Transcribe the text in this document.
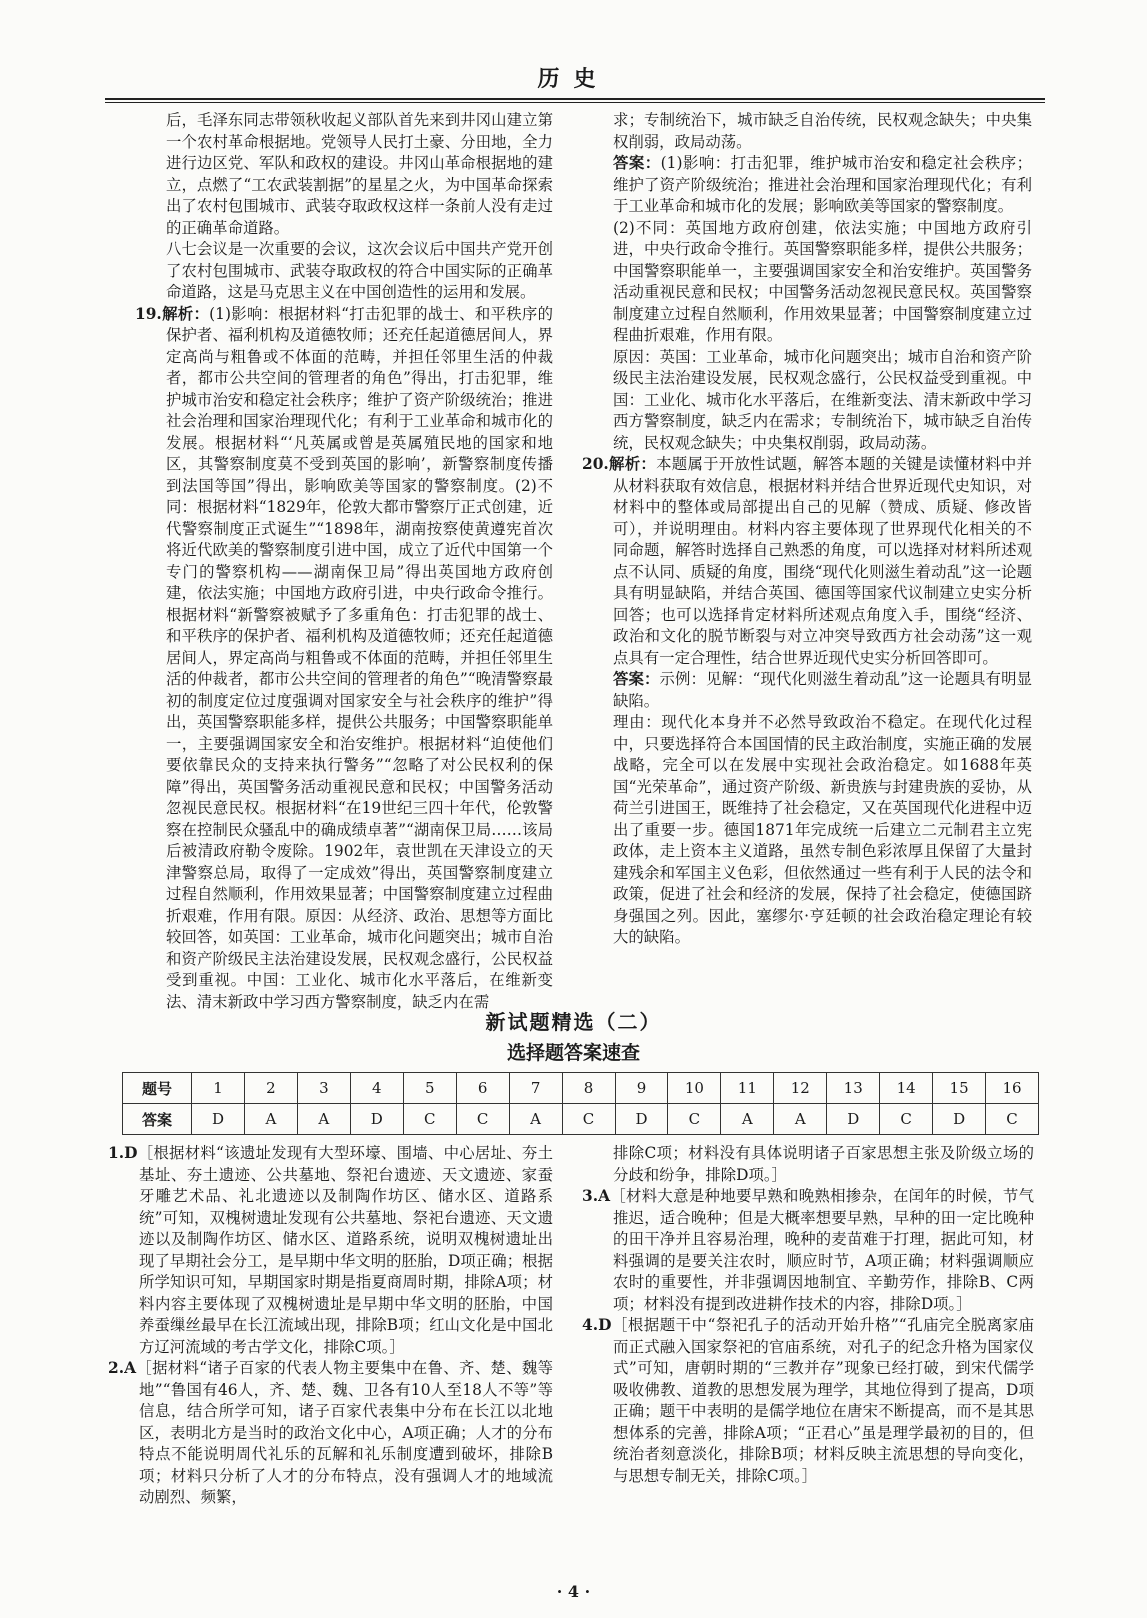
历史

后，毛泽东同志带领秋收起义部队首先来到井冈山建立第一个农村革命根据地。党领导人民打土豪、分田地，全力进行边区党、军队和政权的建设。井冈山革命根据地的建立，点燃了“工农武装割据”的星星之火，为中国革命探索出了农村包围城市、武装夺取政权这样一条前人没有走过的正确革命道路。

八七会议是一次重要的会议，这次会议后中国共产党开创了农村包围城市、武装夺取政权的符合中国实际的正确革命道路，这是马克思主义在中国创造性的运用和发展。

19.解析：(1)影响：根据材料“打击犯罪的战士、和平秩序的保护者、福利机构及道德牧师；还充任起道德居间人，界定高尚与粗鲁或不体面的范畴，并担任邻里生活的仲裁者，都市公共空间的管理者的角色”得出，打击犯罪，维护城市治安和稳定社会秩序；维护了资产阶级统治；推进社会治理和国家治理现代化；有利于工业革命和城市化的发展。根据材料“‘凡英属或曾是英属殖民地的国家和地区，其警察制度莫不受到英国的影响’，新警察制度传播到法国等国”得出，影响欧美等国家的警察制度。(2)不同：根据材料“1829年，伦敦大都市警察厅正式创建，近代警察制度正式诞生”“1898年，湖南按察使黄遵宪首次将近代欧美的警察制度引进中国，成立了近代中国第一个专门的警察机构——湖南保卫局”得出英国地方政府创建，依法实施；中国地方政府引进，中央行政命令推行。根据材料“新警察被赋予了多重角色：打击犯罪的战士、和平秩序的保护者、福利机构及道德牧师；还充任起道德居间人，界定高尚与粗鲁或不体面的范畴，并担任邻里生活的仲裁者，都市公共空间的管理者的角色”“晚清警察最初的制度定位过度强调对国家安全与社会秩序的维护”得出，英国警察职能多样，提供公共服务；中国警察职能单一，主要强调国家安全和治安维护。根据材料“迫使他们要依靠民众的支持来执行警务”“忽略了对公民权利的保障”得出，英国警务活动重视民意和民权；中国警务活动忽视民意民权。根据材料“在19世纪三四十年代，伦敦警察在控制民众骚乱中的确成绩卓著”“湖南保卫局……该局后被清政府勒令废除。1902年，袁世凯在天津设立的天津警察总局，取得了一定成效”得出，英国警察制度建立过程自然顺利，作用效果显著；中国警察制度建立过程曲折艰难，作用有限。原因：从经济、政治、思想等方面比较回答，如英国：工业革命，城市化问题突出；城市自治和资产阶级民主法治建设发展，民权观念盛行，公民权益受到重视。中国：工业化、城市化水平落后，在维新变法、清末新政中学习西方警察制度，缺乏内在需

求；专制统治下，城市缺乏自治传统，民权观念缺失；中央集权削弱，政局动荡。

答案：(1)影响：打击犯罪，维护城市治安和稳定社会秩序；维护了资产阶级统治；推进社会治理和国家治理现代化；有利于工业革命和城市化的发展；影响欧美等国家的警察制度。

(2)不同：英国地方政府创建，依法实施；中国地方政府引进，中央行政命令推行。英国警察职能多样，提供公共服务；中国警察职能单一，主要强调国家安全和治安维护。英国警务活动重视民意和民权；中国警务活动忽视民意民权。英国警察制度建立过程自然顺利，作用效果显著；中国警察制度建立过程曲折艰难，作用有限。

原因：英国：工业革命，城市化问题突出；城市自治和资产阶级民主法治建设发展，民权观念盛行，公民权益受到重视。中国：工业化、城市化水平落后，在维新变法、清末新政中学习西方警察制度，缺乏内在需求；专制统治下，城市缺乏自治传统，民权观念缺失；中央集权削弱，政局动荡。

20.解析：本题属于开放性试题，解答本题的关键是读懂材料中并从材料获取有效信息，根据材料并结合世界近现代史知识，对材料中的整体或局部提出自己的见解（赞成、质疑、修改皆可），并说明理由。材料内容主要体现了世界现代化相关的不同命题，解答时选择自己熟悉的角度，可以选择对材料所述观点不认同、质疑的角度，围绕“现代化则滋生着动乱”这一论题具有明显缺陷，并结合英国、德国等国家代议制建立史实分析回答；也可以选择肯定材料所述观点角度入手，围绕“经济、政治和文化的脱节断裂与对立冲突导致西方社会动荡”这一观点具有一定合理性，结合世界近现代史实分析回答即可。

答案：示例：见解：“现代化则滋生着动乱”这一论题具有明显缺陷。

理由：现代化本身并不必然导致政治不稳定。在现代化过程中，只要选择符合本国国情的民主政治制度，实施正确的发展战略，完全可以在发展中实现社会政治稳定。如1688年英国“光荣革命”，通过资产阶级、新贵族与封建贵族的妥协，从荷兰引进国王，既维持了社会稳定，又在英国现代化进程中迈出了重要一步。德国1871年完成统一后建立二元制君主立宪政体，走上资本主义道路，虽然专制色彩浓厚且保留了大量封建残余和军国主义色彩，但依然通过一些有利于人民的法令和政策，促进了社会和经济的发展，保持了社会稳定，使德国跻身强国之列。因此，塞缪尔·亨廷顿的社会政治稳定理论有较大的缺陷。

新试题精选（二）
选择题答案速查
题号	1	2	3	4	5	6	7	8	9	10	11	12	13	14	15	16
答案	D	A	A	D	C	C	A	C	D	C	A	A	D	C	D	C

1.D［根据材料“该遗址发现有大型环壕、围墙、中心居址、夯土基址、夯土遗迹、公共墓地、祭祀台遗迹、天文遗迹、家蚕牙雕艺术品、礼北遗迹以及制陶作坊区、储水区、道路系统”可知，双槐树遗址发现有公共墓地、祭祀台遗迹、天文遗迹以及制陶作坊区、储水区、道路系统，说明双槐树遗址出现了早期社会分工，是早期中华文明的胚胎，D项正确；根据所学知识可知，早期国家时期是指夏商周时期，排除A项；材料内容主要体现了双槐树遗址是早期中华文明的胚胎，中国养蚕缫丝最早在长江流域出现，排除B项；红山文化是中国北方辽河流域的考古学文化，排除C项。］

2.A［据材料“诸子百家的代表人物主要集中在鲁、齐、楚、魏等地”“鲁国有46人，齐、楚、魏、卫各有10人至18人不等”等信息，结合所学可知，诸子百家代表集中分布在长江以北地区，表明北方是当时的政治文化中心，A项正确；人才的分布特点不能说明周代礼乐的瓦解和礼乐制度遭到破坏，排除B项；材料只分析了人才的分布特点，没有强调人才的地域流动剧烈、频繁，

排除C项；材料没有具体说明诸子百家思想主张及阶级立场的分歧和纷争，排除D项。］

3.A［材料大意是种地要早熟和晚熟相掺杂，在闰年的时候，节气推迟，适合晚种；但是大概率想要早熟，早种的田一定比晚种的田干净并且容易治理，晚种的麦苗难于打理，据此可知，材料强调的是要关注农时，顺应时节，A项正确；材料强调顺应农时的重要性，并非强调因地制宜、辛勤劳作，排除B、C两项；材料没有提到改进耕作技术的内容，排除D项。］

4.D［根据题干中“祭祀孔子的活动开始升格”“孔庙完全脱离家庙而正式融入国家祭祀的官庙系统，对孔子的纪念升格为国家仪式”可知，唐朝时期的“三教并存”现象已经打破，到宋代儒学吸收佛教、道教的思想发展为理学，其地位得到了提高，D项正确；题干中表明的是儒学地位在唐宋不断提高，而不是其思想体系的完善，排除A项；“正君心”虽是理学最初的目的，但统治者刻意淡化，排除B项；材料反映主流思想的导向变化，与思想专制无关，排除C项。］

· 4 ·
